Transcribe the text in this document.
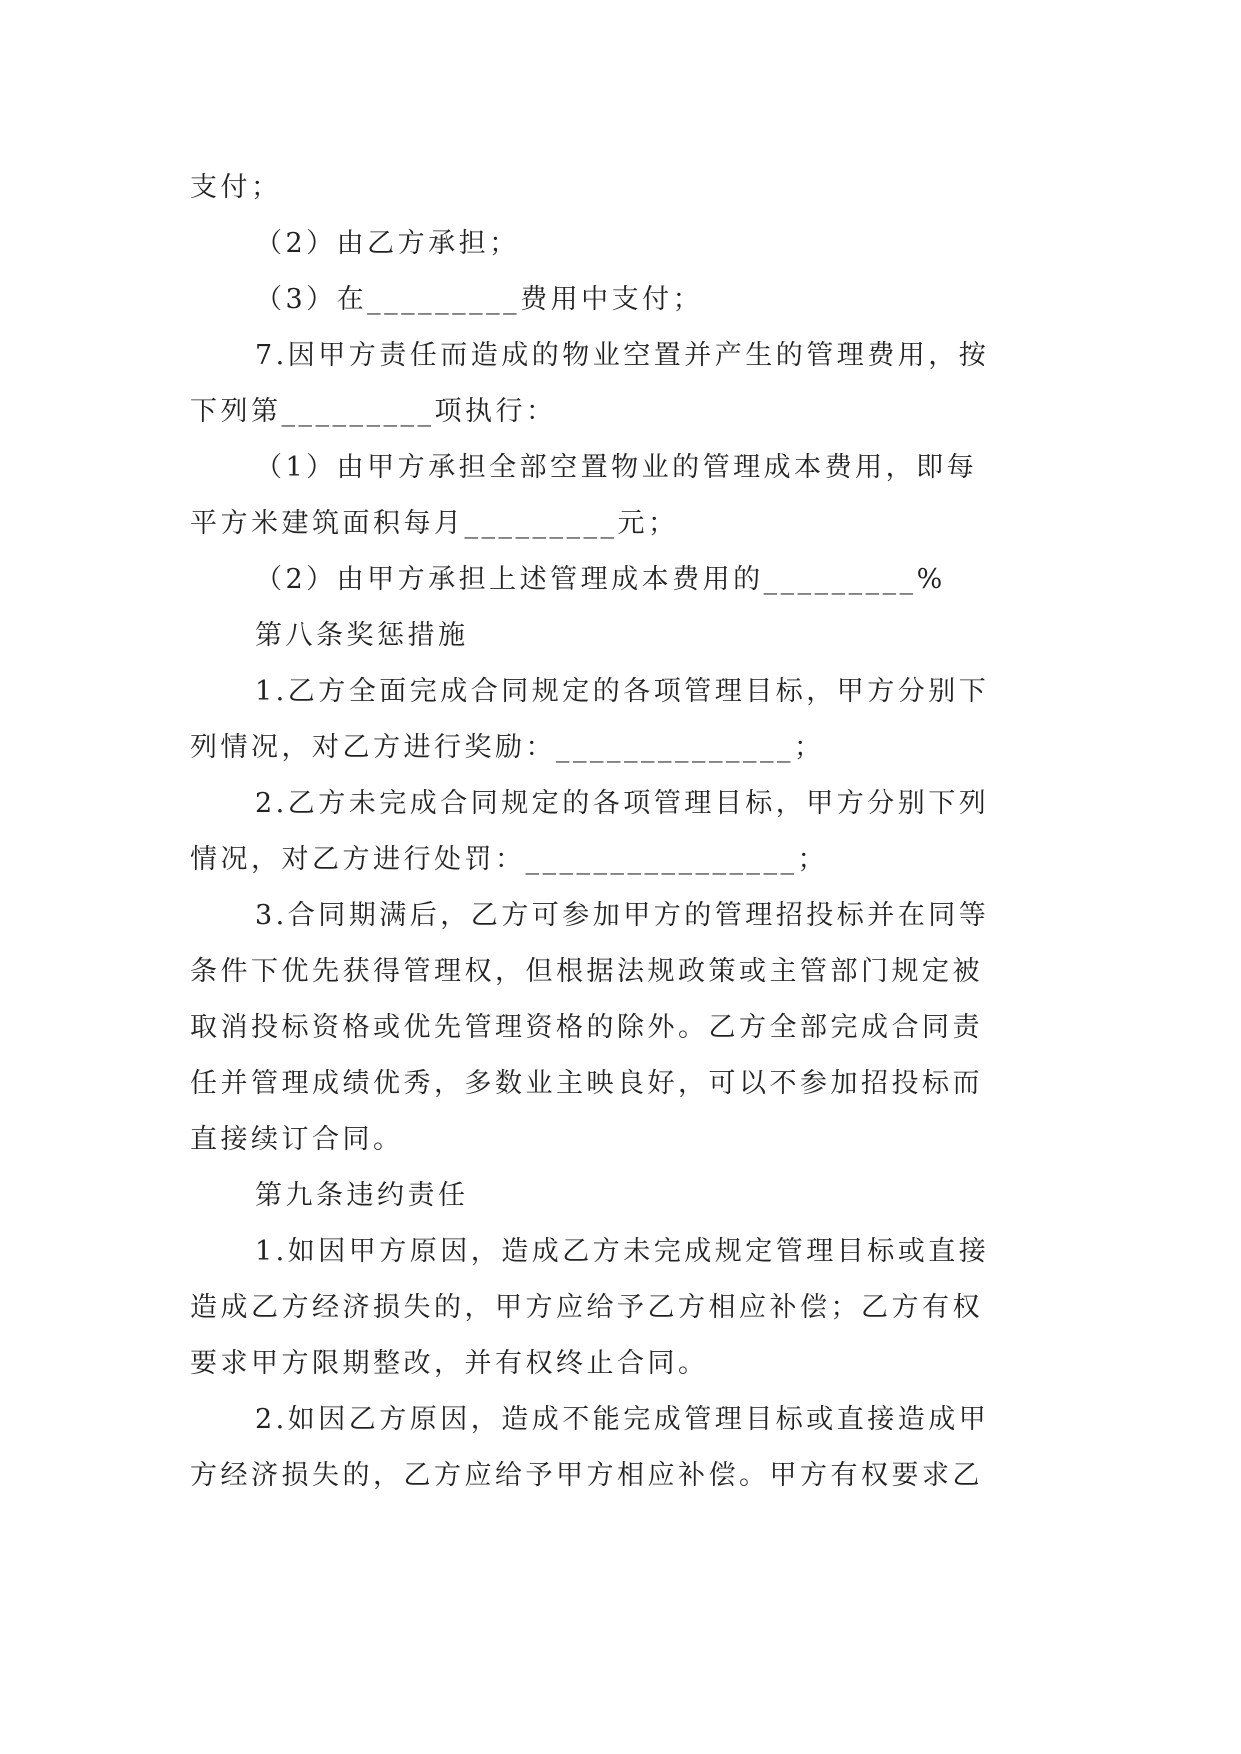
支付；
（2）由乙方承担；
（3）在_________费用中支付；
7.因甲方责任而造成的物业空置并产生的管理费用，按
下列第_________项执行：
（1）由甲方承担全部空置物业的管理成本费用，即每
平方米建筑面积每月_________元；
（2）由甲方承担上述管理成本费用的_________%
第八条奖惩措施
1.乙方全面完成合同规定的各项管理目标，甲方分别下
列情况，对乙方进行奖励：______________；
2.乙方未完成合同规定的各项管理目标，甲方分别下列
情况，对乙方进行处罚：________________；
3.合同期满后，乙方可参加甲方的管理招投标并在同等
条件下优先获得管理权，但根据法规政策或主管部门规定被
取消投标资格或优先管理资格的除外。乙方全部完成合同责
任并管理成绩优秀，多数业主映良好，可以不参加招投标而
直接续订合同。
第九条违约责任
1.如因甲方原因，造成乙方未完成规定管理目标或直接
造成乙方经济损失的，甲方应给予乙方相应补偿；乙方有权
要求甲方限期整改，并有权终止合同。
2.如因乙方原因，造成不能完成管理目标或直接造成甲
方经济损失的，乙方应给予甲方相应补偿。甲方有权要求乙
